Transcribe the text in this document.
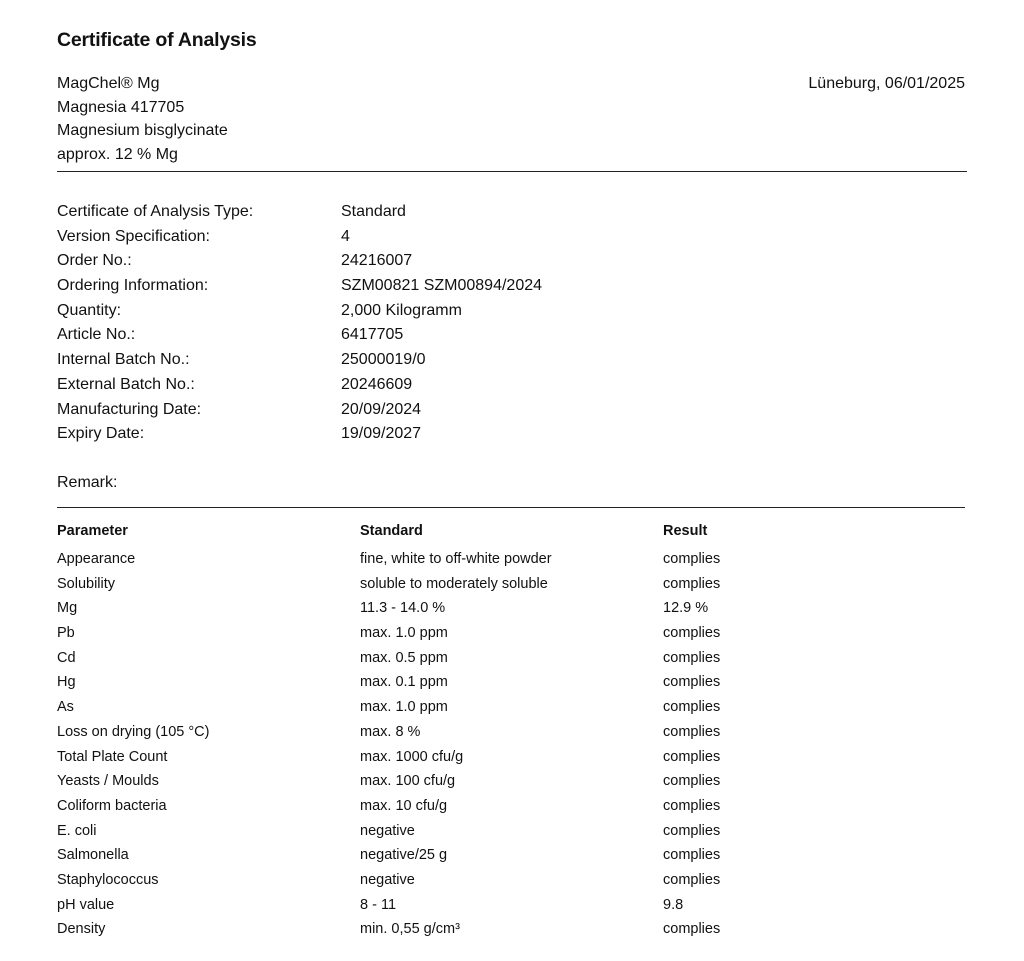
Certificate of Analysis
MagChel® Mg
Magnesia 417705
Magnesium bisglycinate
approx. 12 % Mg
Lüneburg, 06/01/2025
Certificate of Analysis Type:	Standard
Version Specification:	4
Order No.:	24216007
Ordering Information:	SZM00821 SZM00894/2024
Quantity:	2,000 Kilogramm
Article No.:	6417705
Internal Batch No.:	25000019/0
External Batch No.:	20246609
Manufacturing Date:	20/09/2024
Expiry Date:	19/09/2027
Remark:
Parameter	Standard	Result
Appearance	fine, white to off-white powder	complies
Solubility	soluble to moderately soluble	complies
Mg	11.3 - 14.0 %	12.9 %
Pb	max. 1.0 ppm	complies
Cd	max. 0.5 ppm	complies
Hg	max. 0.1 ppm	complies
As	max. 1.0 ppm	complies
Loss on drying (105 °C)	max. 8 %	complies
Total Plate Count	max. 1000 cfu/g	complies
Yeasts / Moulds	max. 100 cfu/g	complies
Coliform bacteria	max. 10 cfu/g	complies
E. coli	negative	complies
Salmonella	negative/25 g	complies
Staphylococcus	negative	complies
pH value	8 - 11	9.8
Density	min. 0,55 g/cm³	complies
